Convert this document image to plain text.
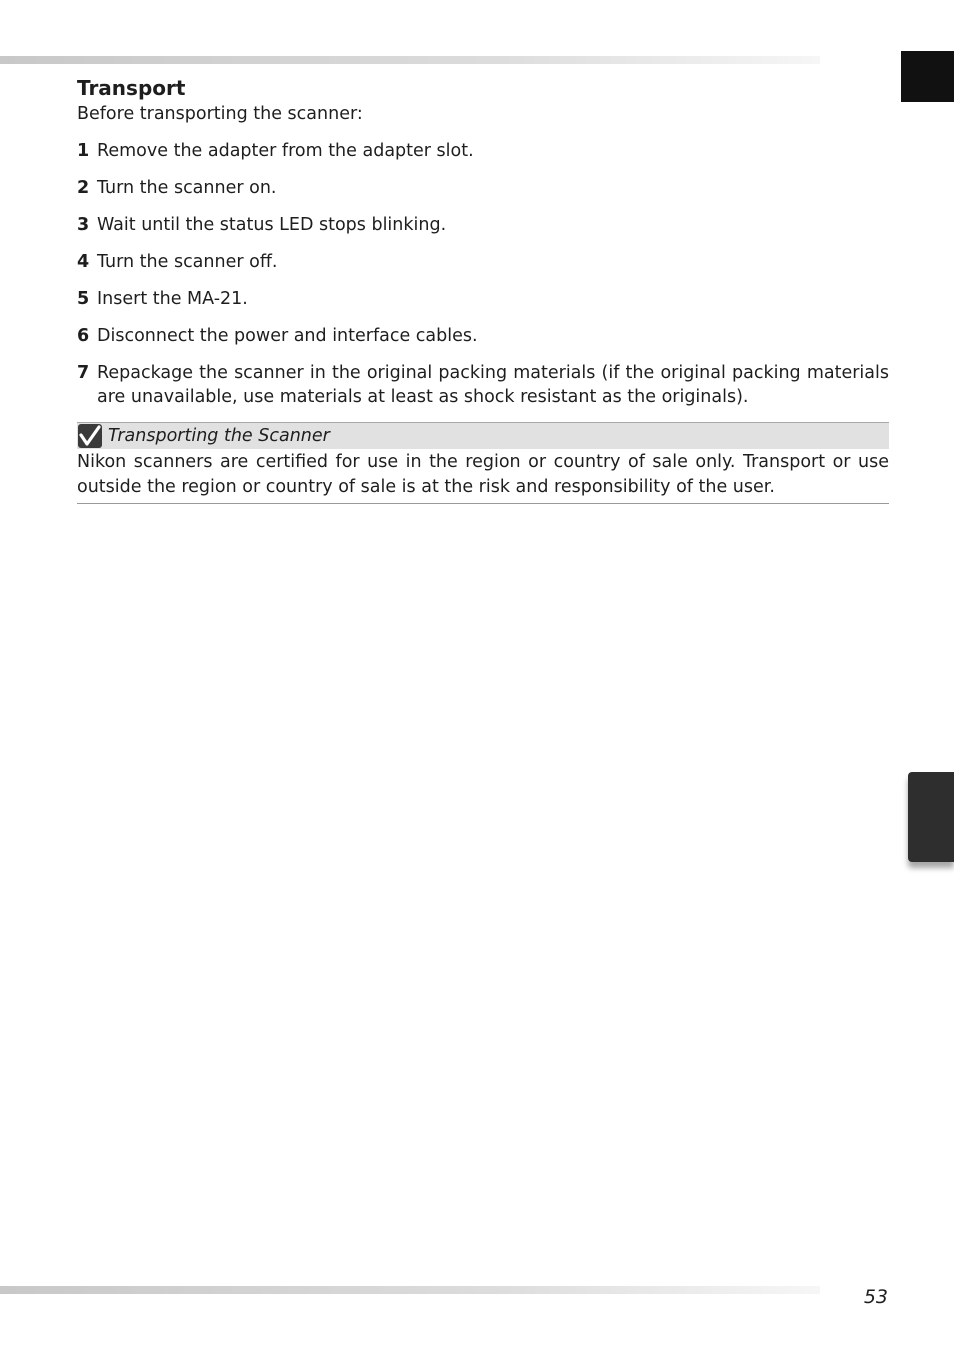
Transport

Before transporting the scanner:

1 Remove the adapter from the adapter slot.
2 Turn the scanner on.
3 Wait until the status LED stops blinking.
4 Turn the scanner off.
5 Insert the MA-21.
6 Disconnect the power and interface cables.
7 Repackage the scanner in the original packing materials (if the original packing materials are unavailable, use materials at least as shock resistant as the originals).
Transporting the Scanner

Nikon scanners are certified for use in the region or country of sale only. Transport or use outside the region or country of sale is at the risk and responsibility of the user.

53
